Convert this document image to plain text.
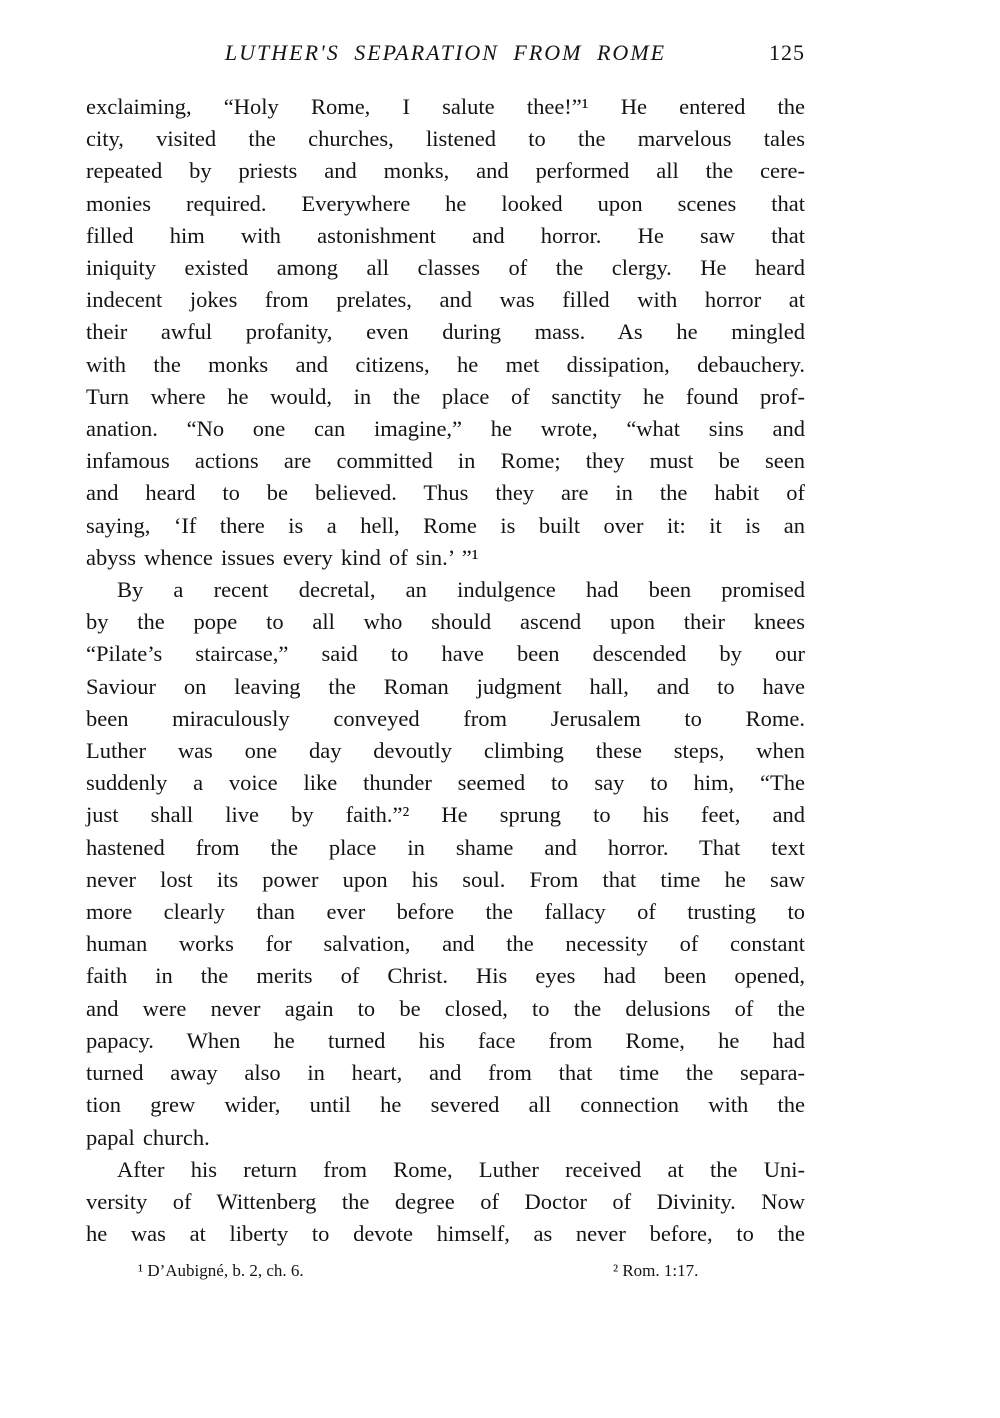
LUTHER'S SEPARATION FROM ROME	125
exclaiming, “Holy Rome, I salute thee!”¹ He entered the
city, visited the churches, listened to the marvelous tales
repeated by priests and monks, and performed all the cere-
monies required. Everywhere he looked upon scenes that
filled him with astonishment and horror. He saw that
iniquity existed among all classes of the clergy. He heard
indecent jokes from prelates, and was filled with horror at
their awful profanity, even during mass. As he mingled
with the monks and citizens, he met dissipation, debauchery.
Turn where he would, in the place of sanctity he found prof-
anation. “No one can imagine,” he wrote, “what sins and
infamous actions are committed in Rome; they must be seen
and heard to be believed. Thus they are in the habit of
saying, ‘If there is a hell, Rome is built over it: it is an
abyss whence issues every kind of sin.’ ”¹
By a recent decretal, an indulgence had been promised
by the pope to all who should ascend upon their knees
“Pilate’s staircase,” said to have been descended by our
Saviour on leaving the Roman judgment hall, and to have
been miraculously conveyed from Jerusalem to Rome.
Luther was one day devoutly climbing these steps, when
suddenly a voice like thunder seemed to say to him, “The
just shall live by faith.”² He sprung to his feet, and
hastened from the place in shame and horror. That text
never lost its power upon his soul. From that time he saw
more clearly than ever before the fallacy of trusting to
human works for salvation, and the necessity of constant
faith in the merits of Christ. His eyes had been opened,
and were never again to be closed, to the delusions of the
papacy. When he turned his face from Rome, he had
turned away also in heart, and from that time the separa-
tion grew wider, until he severed all connection with the
papal church.
After his return from Rome, Luther received at the Uni-
versity of Wittenberg the degree of Doctor of Divinity. Now
he was at liberty to devote himself, as never before, to the
¹ D’Aubigné, b. 2, ch. 6.	² Rom. 1:17.
